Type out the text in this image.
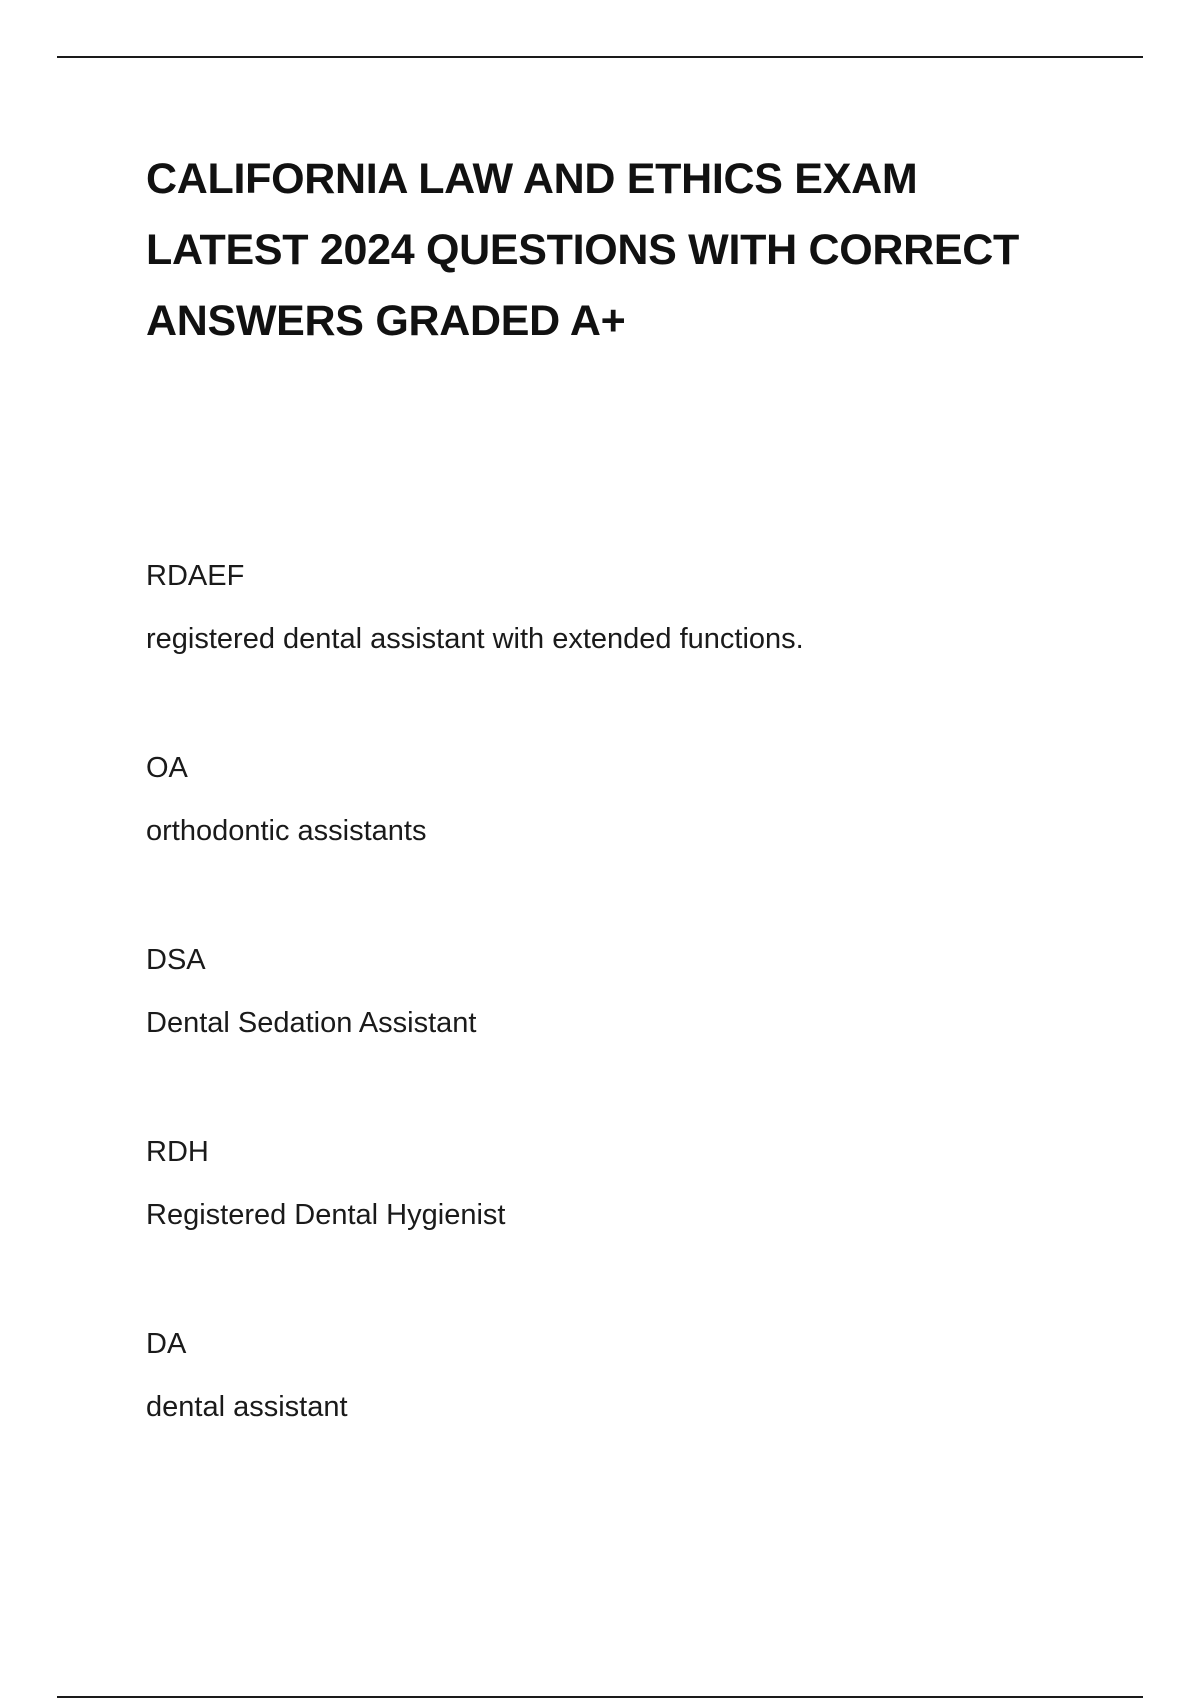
CALIFORNIA LAW AND ETHICS EXAM
LATEST 2024 QUESTIONS WITH CORRECT
ANSWERS GRADED A+
RDAEF
registered dental assistant with extended functions.
OA
orthodontic assistants
DSA
Dental Sedation Assistant
RDH
Registered Dental Hygienist
DA
dental assistant
